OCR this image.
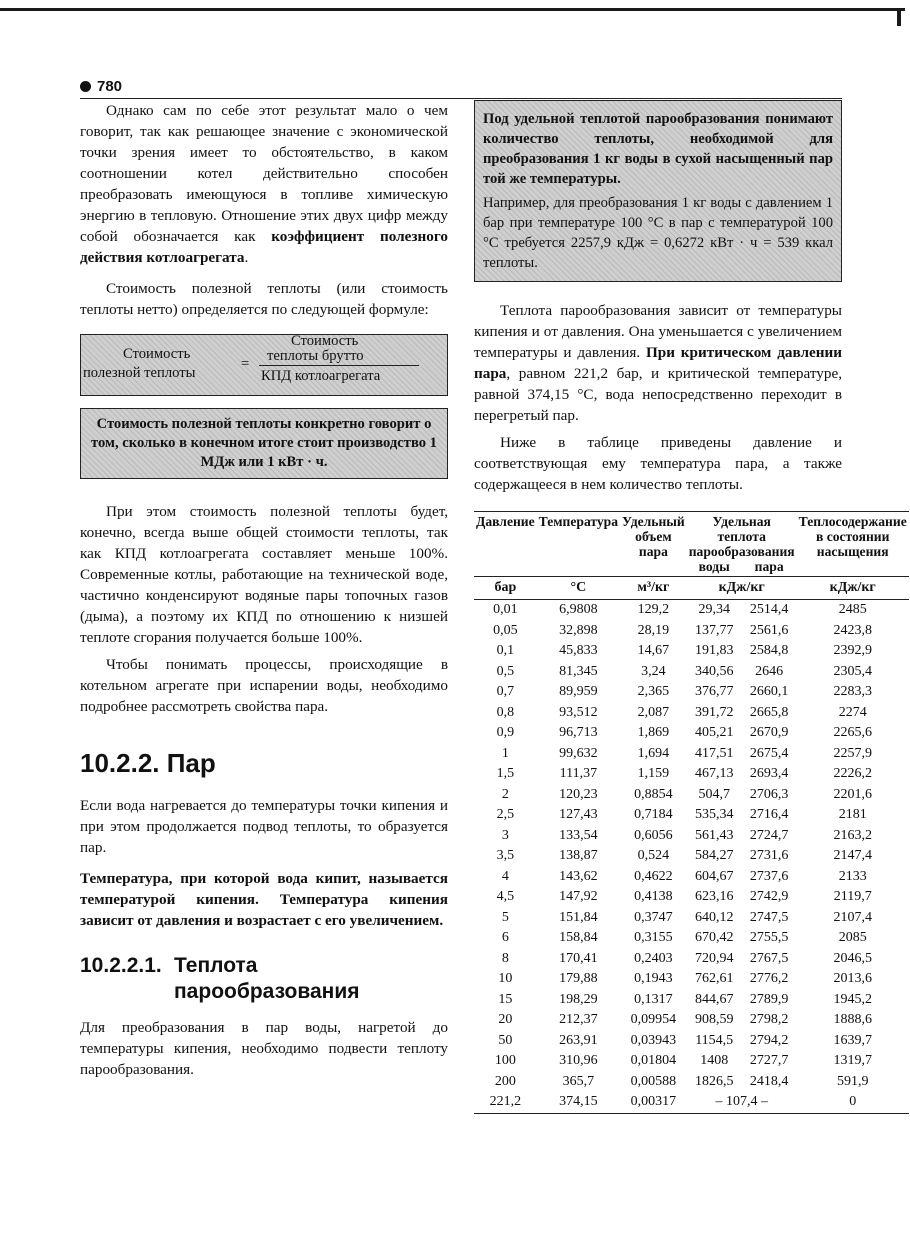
780

Однако сам по себе этот результат мало о чем говорит, так как решающее значение с экономической точки зрения имеет то обстоятельство, в каком соотношении котел действительно способен преобразовать имеющуюся в топливе химическую энергию в тепловую. Отношение этих двух цифр между собой обозначается как коэффициент полезного действия котлоагрегата.

Стоимость полезной теплоты (или стоимость теплоты нетто) определяется по следующей формуле:

Стоимость
полезной теплоты
=
Стоимость
теплоты брутто
КПД котлоагрегата

Стоимость полезной теплоты конкретно говорит о том, сколько в конечном итоге стоит производство 1 МДж или 1 кВт · ч.

При этом стоимость полезной теплоты будет, конечно, всегда выше общей стоимости теплоты, так как КПД котлоагрегата составляет меньше 100%. Современные котлы, работающие на технической воде, частично конденсируют водяные пары топочных газов (дыма), а поэтому их КПД по отношению к низшей теплоте сгорания получается больше 100%.

Чтобы понимать процессы, происходящие в котельном агрегате при испарении воды, необходимо подробнее рассмотреть свойства пара.

10.2.2. Пар

Если вода нагревается до температуры точки кипения и при этом продолжается подвод теплоты, то образуется пар.

Температура, при которой вода кипит, называется температурой кипения. Температура кипения зависит от давления и возрастает с его увеличением.

10.2.2.1. Теплота
парообразования

Для преобразования в пар воды, нагретой до температуры кипения, необходимо подвести теплоту парообразования.

Под удельной теплотой парообразования понимают количество теплоты, необходимой для преобразования 1 кг воды в сухой насыщенный пар той же температуры.

Например, для преобразования 1 кг воды с давлением 1 бар при температуре 100 °С в пар с температурой 100 °С требуется 2257,9 кДж = 0,6272 кВт · ч = 539 ккал теплоты.

Теплота парообразования зависит от температуры кипения и от давления. Она уменьшается с увеличением температуры и давления. При критическом давлении пара, равном 221,2 бар, и критической температуре, равной 374,15 °С, вода непосредственно переходит в перегретый пар.

Ниже в таблице приведены давление и соответствующая ему температура пара, а также содержащееся в нем количество теплоты.

Давление	Температура	Удельный объем пара	Удельная теплота парообразования		Теплосодержание в состоянии насыщения
			воды	пара	
бар	°С	м³/кг	кДж/кг		кДж/кг
0,01	6,9808	129,2	29,34	2514,4	2485
0,05	32,898	28,19	137,77	2561,6	2423,8
0,1	45,833	14,67	191,83	2584,8	2392,9
0,5	81,345	3,24	340,56	2646	2305,4
0,7	89,959	2,365	376,77	2660,1	2283,3
0,8	93,512	2,087	391,72	2665,8	2274
0,9	96,713	1,869	405,21	2670,9	2265,6
1	99,632	1,694	417,51	2675,4	2257,9
1,5	111,37	1,159	467,13	2693,4	2226,2
2	120,23	0,8854	504,7	2706,3	2201,6
2,5	127,43	0,7184	535,34	2716,4	2181
3	133,54	0,6056	561,43	2724,7	2163,2
3,5	138,87	0,524	584,27	2731,6	2147,4
4	143,62	0,4622	604,67	2737,6	2133
4,5	147,92	0,4138	623,16	2742,9	2119,7
5	151,84	0,3747	640,12	2747,5	2107,4
6	158,84	0,3155	670,42	2755,5	2085
8	170,41	0,2403	720,94	2767,5	2046,5
10	179,88	0,1943	762,61	2776,2	2013,6
15	198,29	0,1317	844,67	2789,9	1945,2
20	212,37	0,09954	908,59	2798,2	1888,6
50	263,91	0,03943	1154,5	2794,2	1639,7
100	310,96	0,01804	1408	2727,7	1319,7
200	365,7	0,00588	1826,5	2418,4	591,9
221,2	374,15	0,00317	– 107,4 –		0
